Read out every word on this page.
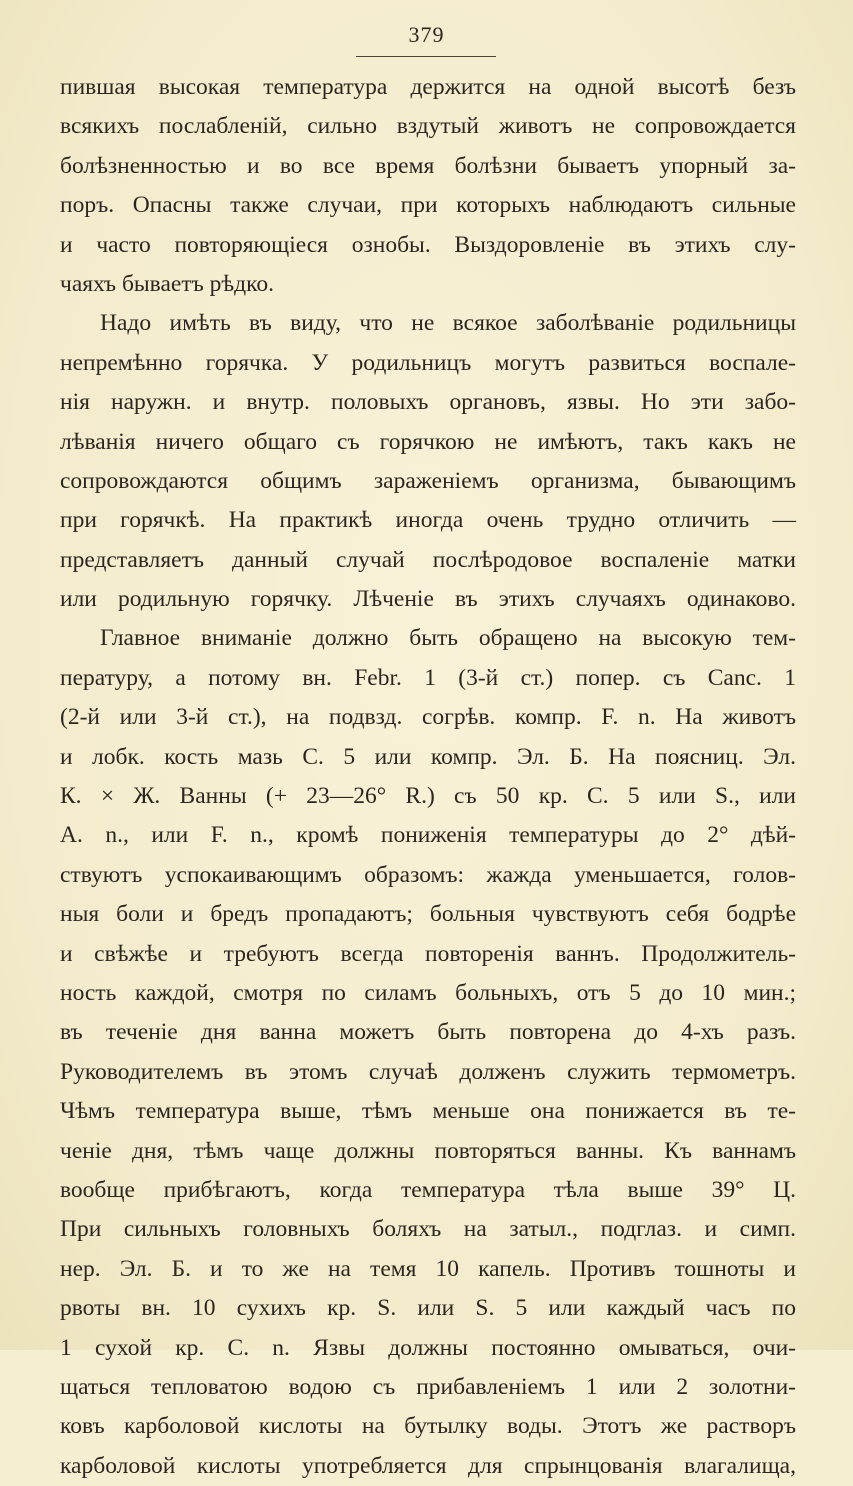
379
пившая высокая температура держится на одной высотѣ безъ
всякихъ послабленій, сильно вздутый животъ не сопровождается
болѣзненностью и во все время болѣзни бываетъ упорный за-
поръ. Опасны также случаи, при которыхъ наблюдаютъ сильные
и часто повторяющіеся ознобы. Выздоровленіе въ этихъ слу-
чаяхъ бываетъ рѣдко.
Надо имѣть въ виду, что не всякое заболѣваніе родильницы
непремѣнно горячка. У родильницъ могутъ развиться воспале-
нія наружн. и внутр. половыхъ органовъ, язвы. Но эти забо-
лѣванія ничего общаго съ горячкою не имѣютъ, такъ какъ не
сопровождаются общимъ зараженіемъ организма, бывающимъ
при горячкѣ. На практикѣ иногда очень трудно отличить —
представляетъ данный случай послѣродовое воспаленіе матки
или родильную горячку. Лѣченіе въ этихъ случаяхъ одинаково.
Главное вниманіе должно быть обращено на высокую тем-
пературу, а потому вн. Febr. 1 (3-й ст.) попер. съ Canc. 1
(2-й или 3-й ст.), на подвзд. согрѣв. компр. F. n. На животъ
и лобк. кость мазь С. 5 или компр. Эл. Б. На поясниц. Эл.
К. × Ж. Ванны (+ 23—26° R.) съ 50 кр. С. 5 или S., или
А. n., или F. n., кромѣ пониженія температуры до 2° дѣй-
ствуютъ успокаивающимъ образомъ: жажда уменьшается, голов-
ныя боли и бредъ пропадаютъ; больныя чувствуютъ себя бодрѣе
и свѣжѣе и требуютъ всегда повторенія ваннъ. Продолжитель-
ность каждой, смотря по силамъ больныхъ, отъ 5 до 10 мин.;
въ теченіе дня ванна можетъ быть повторена до 4-хъ разъ.
Руководителемъ въ этомъ случаѣ долженъ служить термометръ.
Чѣмъ температура выше, тѣмъ меньше она понижается въ те-
ченіе дня, тѣмъ чаще должны повторяться ванны. Къ ваннамъ
вообще прибѣгаютъ, когда температура тѣла выше 39° Ц.
При сильныхъ головныхъ боляхъ на затыл., подглаз. и симп.
нер. Эл. Б. и то же на темя 10 капель. Противъ тошноты и
рвоты вн. 10 сухихъ кр. S. или S. 5 или каждый часъ по
1 сухой кр. С. n. Язвы должны постоянно омываться, очи-
щаться тепловатою водою съ прибавленіемъ 1 или 2 золотни-
ковъ карболовой кислоты на бутылку воды. Этотъ же растворъ
карболовой кислоты употребляется для спрынцованія влагалища,
